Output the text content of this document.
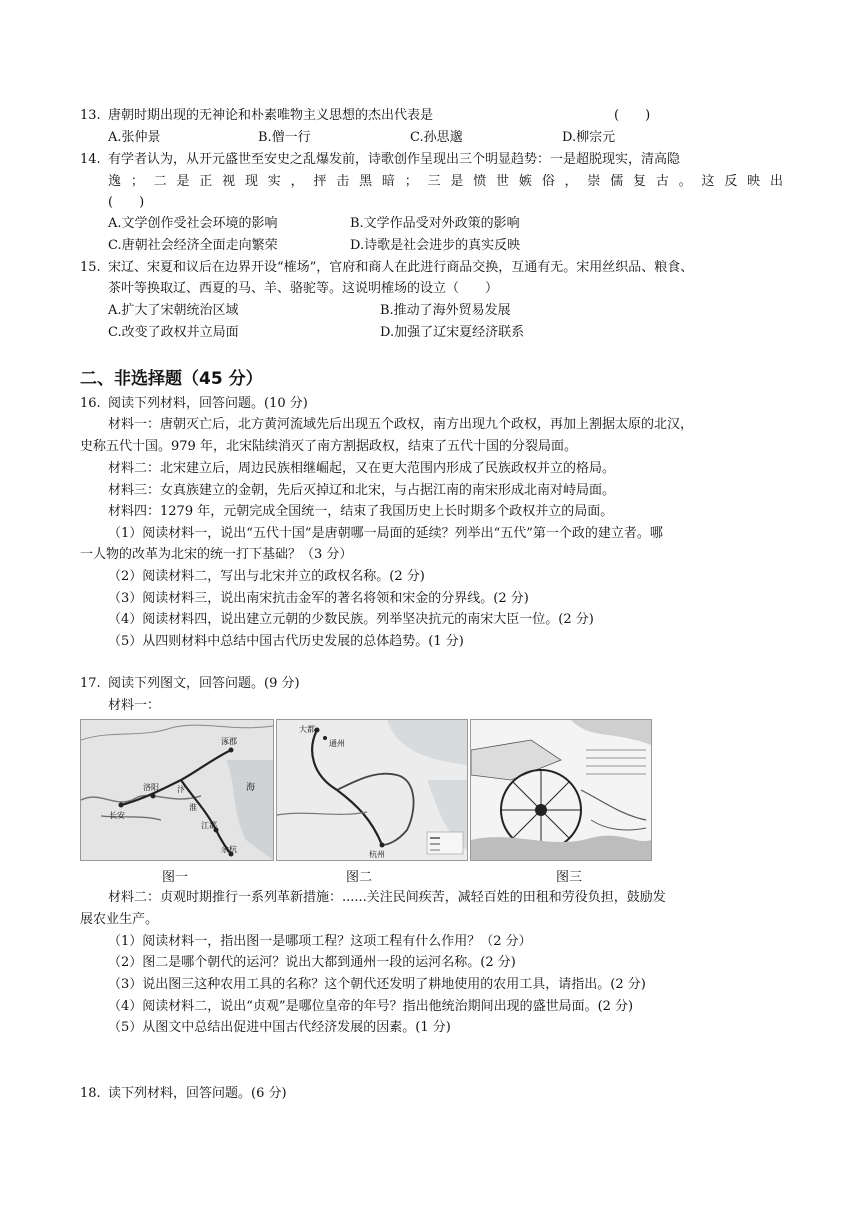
13. 唐朝时期出现的无神论和朴素唯物主义思想的杰出代表是	(　　)
A.张仲景	B.僧一行	C.孙思邈	D.柳宗元
14. 有学者认为，从开元盛世至安史之乱爆发前，诗歌创作呈现出三个明显趋势：一是超脱现实，清高隐
逸；二是正视现实，抨击黑暗；三是愤世嫉俗，崇儒复古。这反映出
(　　)
A.文学创作受社会环境的影响	B.文学作品受对外政策的影响
C.唐朝社会经济全面走向繁荣	D.诗歌是社会进步的真实反映
15. 宋辽、宋夏和议后在边界开设“榷场”，官府和商人在此进行商品交换，互通有无。宋用丝织品、粮食、
茶叶等换取辽、西夏的马、羊、骆驼等。这说明榷场的设立（　　）
A.扩大了宋朝统治区域	B.推动了海外贸易发展
C.改变了政权并立局面	D.加强了辽宋夏经济联系
二、非选择题（45 分）
16. 阅读下列材料，回答问题。(10 分)
材料一：唐朝灭亡后，北方黄河流域先后出现五个政权，南方出现九个政权，再加上割据太原的北汉，
史称五代十国。979 年，北宋陆续消灭了南方割据政权，结束了五代十国的分裂局面。
材料二：北宋建立后，周边民族相继崛起，又在更大范围内形成了民族政权并立的格局。
材料三：女真族建立的金朝，先后灭掉辽和北宋，与占据江南的南宋形成北南对峙局面。
材料四：1279 年，元朝完成全国统一，结束了我国历史上长时期多个政权并立的局面。
（1）阅读材料一，说出“五代十国”是唐朝哪一局面的延续？列举出“五代”第一个政的建立者。哪
一人物的改革为北宋的统一打下基础？（3 分）
（2）阅读材料二，写出与北宋并立的政权名称。(2 分)
（3）阅读材料三，说出南宋抗击金军的著名将领和宋金的分界线。(2 分)
（4）阅读材料四，说出建立元朝的少数民族。列举坚决抗元的南宋大臣一位。(2 分)
（5）从四则材料中总结中国古代历史发展的总体趋势。(1 分)
17. 阅读下列图文，回答问题。(9 分)
材料一：
长安
洛阳 汴
涿郡
余杭
江都
淮
海
图一
大都
通州
杭州
图二	图三
材料二：贞观时期推行一系列革新措施：......关注民间疾苦，减轻百姓的田租和劳役负担，鼓励发
展农业生产。
（1）阅读材料一，指出图一是哪项工程？这项工程有什么作用？（2 分）
（2）图二是哪个朝代的运河？说出大都到通州一段的运河名称。(2 分)
（3）说出图三这种农用工具的名称？这个朝代还发明了耕地使用的农用工具，请指出。(2 分)
（4）阅读材料二，说出“贞观”是哪位皇帝的年号？指出他统治期间出现的盛世局面。(2 分)
（5）从图文中总结出促进中国古代经济发展的因素。(1 分)
18. 读下列材料，回答问题。(6 分)
